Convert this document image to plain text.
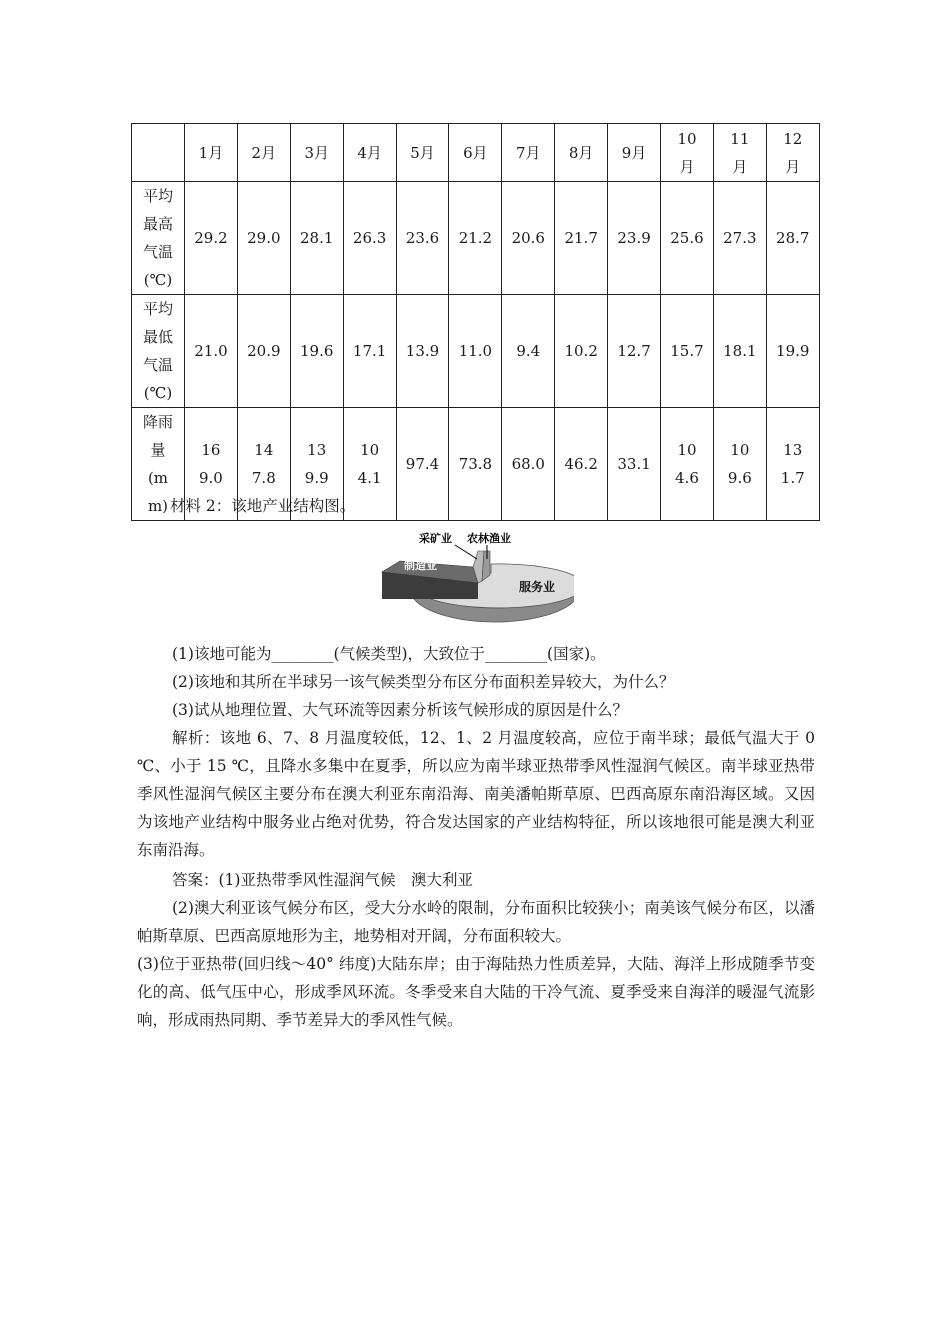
	1月	2月	3月	4月	5月	6月	7月	8月	9月	10月	11月	12月
平均最高气温(℃)	29.2	29.0	28.1	26.3	23.6	21.2	20.6	21.7	23.9	25.6	27.3	28.7
平均最低气温(℃)	21.0	20.9	19.6	17.1	13.9	11.0	9.4	10.2	12.7	15.7	18.1	19.9
降雨量(mm)	169.0	147.8	139.9	104.1	97.4	73.8	68.0	46.2	33.1	104.6	109.6	131.7

材料 2：该地产业结构图。

采矿业 农林渔业
制造业
服务业

(1)该地可能为________(气候类型)，大致位于________(国家)。

(2)该地和其所在半球另一该气候类型分布区分布面积差异较大，为什么？

(3)试从地理位置、大气环流等因素分析该气候形成的原因是什么？

解析：该地 6、7、8 月温度较低，12、1、2 月温度较高，应位于南半球；最低气温大于 0 ℃、小于 15 ℃，且降水多集中在夏季，所以应为南半球亚热带季风性湿润气候区。南半球亚热带季风性湿润气候区主要分布在澳大利亚东南沿海、南美潘帕斯草原、巴西高原东南沿海区域。又因为该地产业结构中服务业占绝对优势，符合发达国家的产业结构特征，所以该地很可能是澳大利亚东南沿海。

答案：(1)亚热带季风性湿润气候　澳大利亚

(2)澳大利亚该气候分布区，受大分水岭的限制，分布面积比较狭小；南美该气候分布区，以潘帕斯草原、巴西高原地形为主，地势相对开阔，分布面积较大。

(3)位于亚热带(回归线～40° 纬度)大陆东岸；由于海陆热力性质差异，大陆、海洋上形成随季节变化的高、低气压中心，形成季风环流。冬季受来自大陆的干冷气流、夏季受来自海洋的暖湿气流影响，形成雨热同期、季节差异大的季风性气候。
